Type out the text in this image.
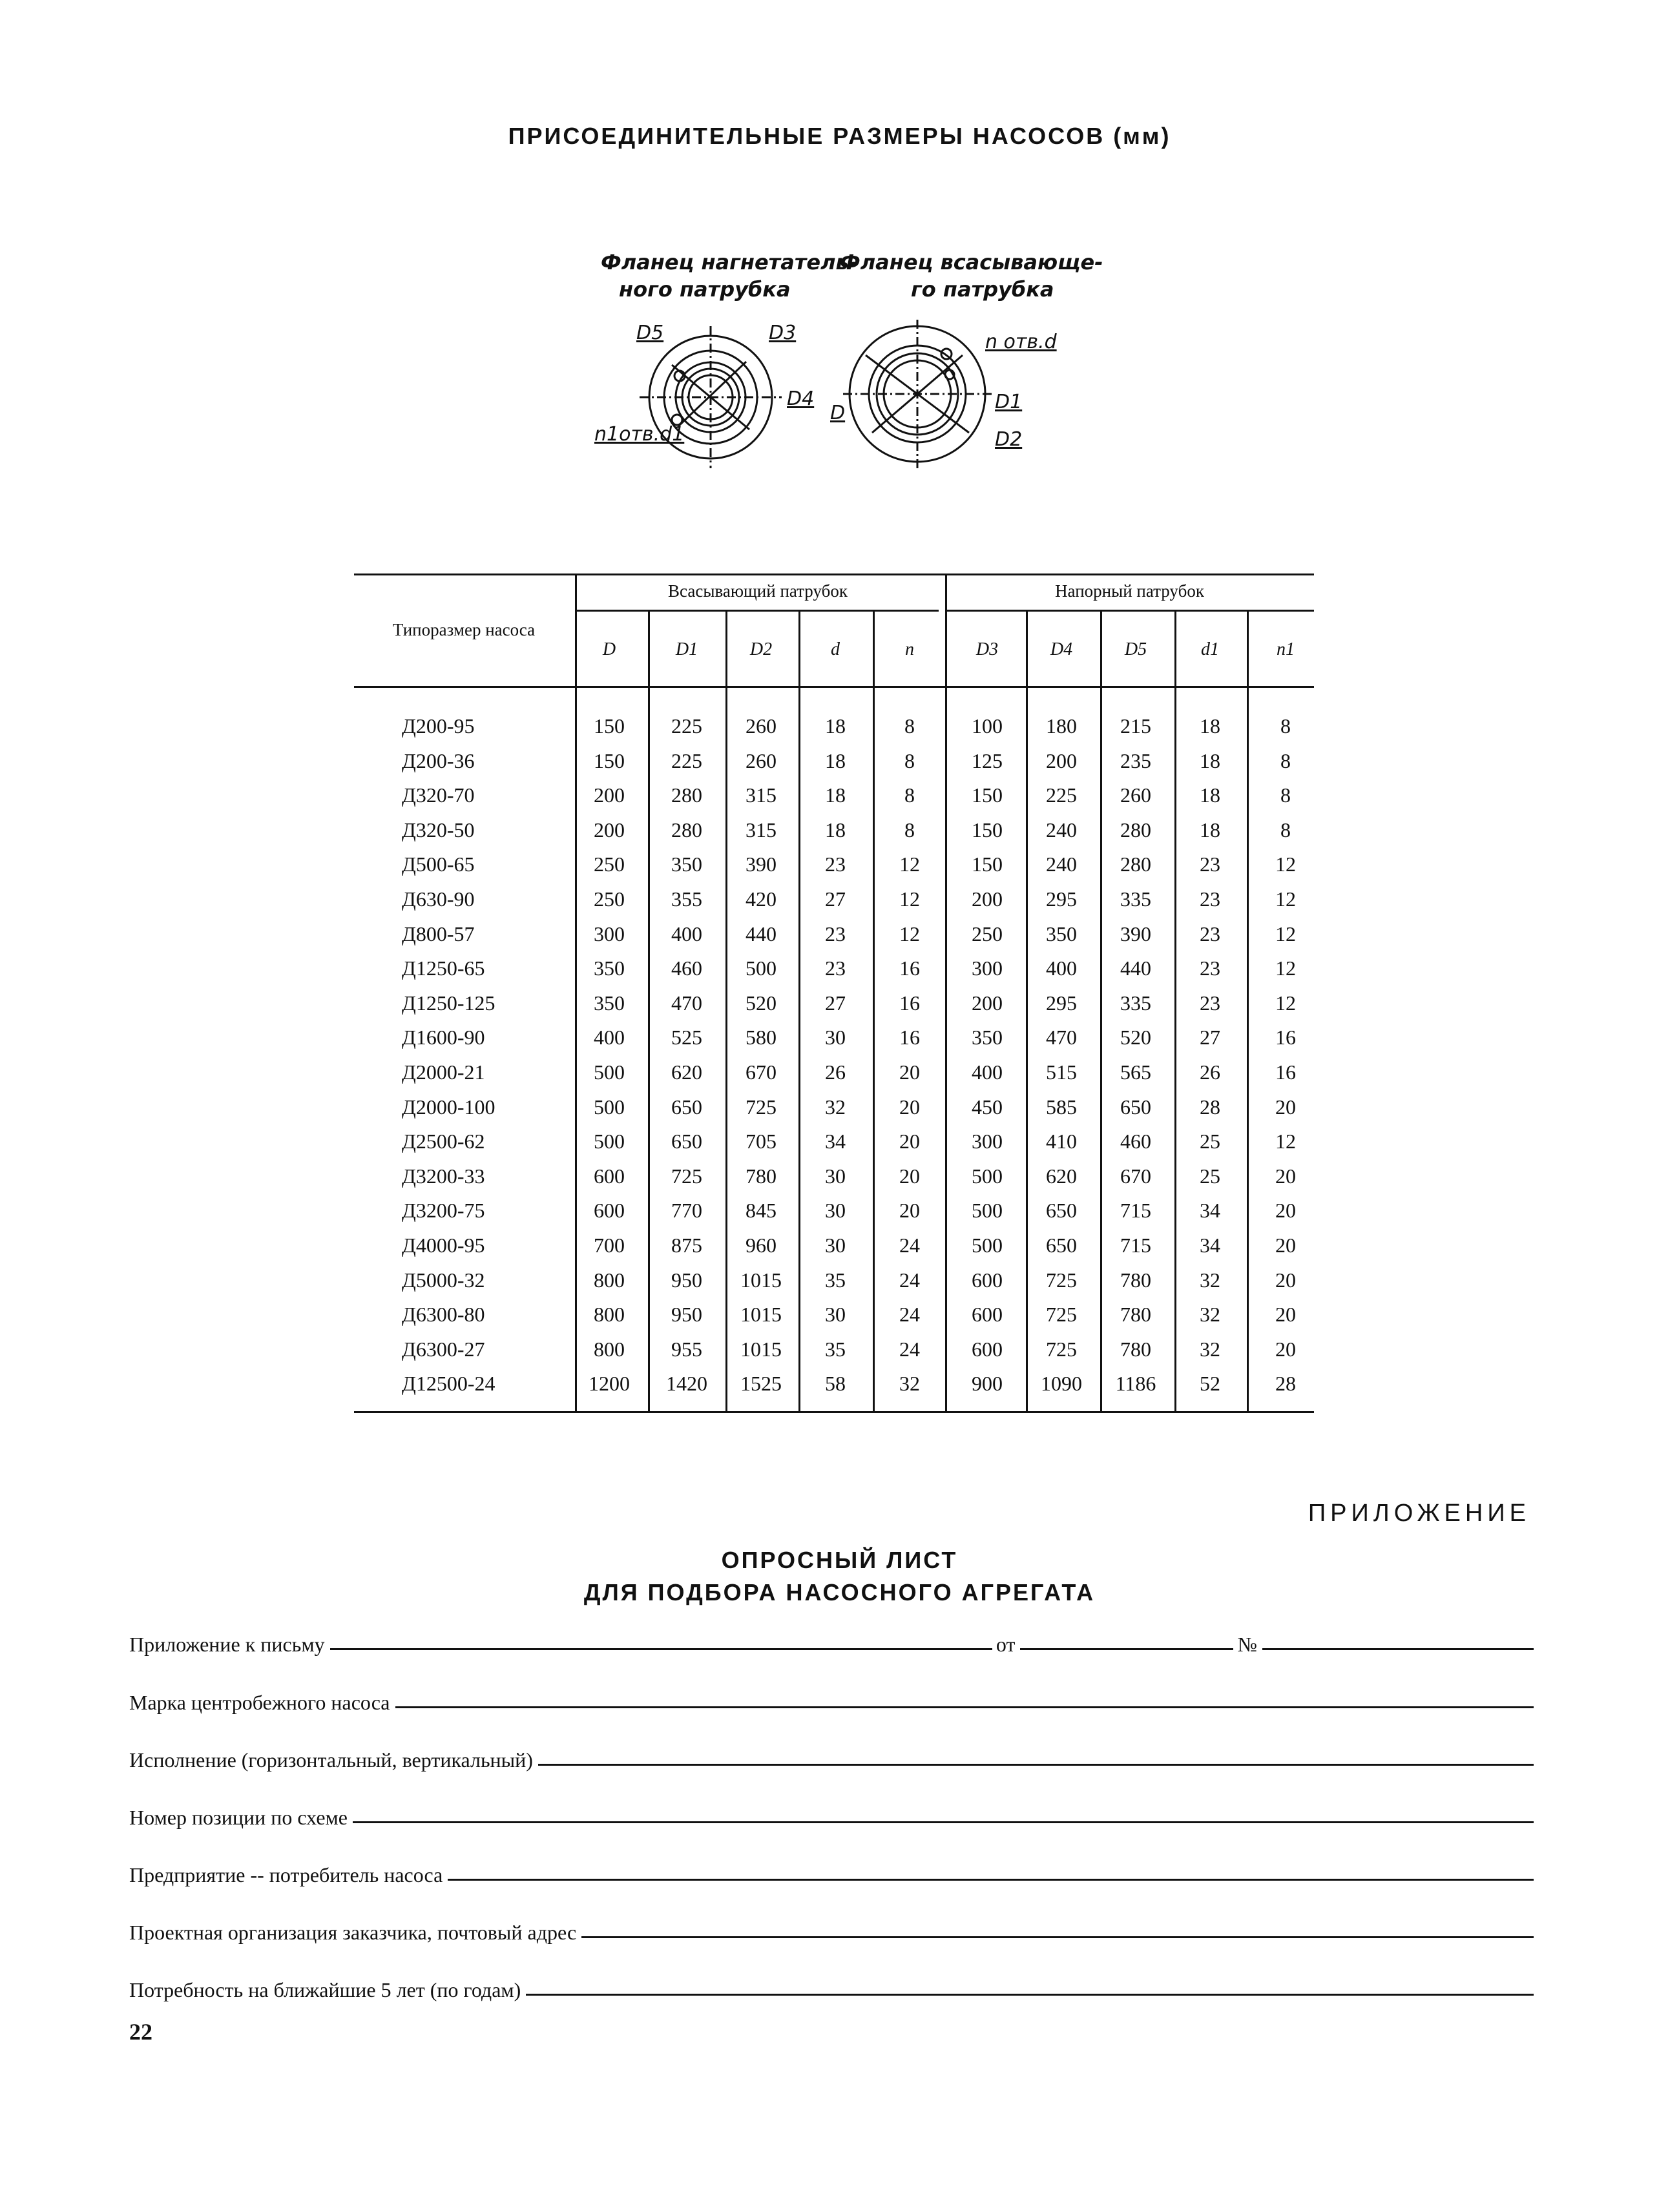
ПРИСОЕДИНИТЕЛЬНЫЕ РАЗМЕРЫ НАСОСОВ (мм)
Фланец нагнетатель-
ного патрубка
Фланец всасывающе-
го патрубка
D5	D3
D4
n1отв.d1
n отв.d
D	D1
D2
Типоразмер насоса
Всасывающий патрубок	Напорный патрубок
D	D1	D2	d	n	D3	D4	D5	d1	n1
Д200-95	150	225	260	18	8	100	180	215	18	8
Д200-36	150	225	260	18	8	125	200	235	18	8
Д320-70	200	280	315	18	8	150	225	260	18	8
Д320-50	200	280	315	18	8	150	240	280	18	8
Д500-65	250	350	390	23	12	150	240	280	23	12
Д630-90	250	355	420	27	12	200	295	335	23	12
Д800-57	300	400	440	23	12	250	350	390	23	12
Д1250-65	350	460	500	23	16	300	400	440	23	12
Д1250-125	350	470	520	27	16	200	295	335	23	12
Д1600-90	400	525	580	30	16	350	470	520	27	16
Д2000-21	500	620	670	26	20	400	515	565	26	16
Д2000-100	500	650	725	32	20	450	585	650	28	20
Д2500-62	500	650	705	34	20	300	410	460	25	12
Д3200-33	600	725	780	30	20	500	620	670	25	20
Д3200-75	600	770	845	30	20	500	650	715	34	20
Д4000-95	700	875	960	30	24	500	650	715	34	20
Д5000-32	800	950	1015	35	24	600	725	780	32	20
Д6300-80	800	950	1015	30	24	600	725	780	32	20
Д6300-27	800	955	1015	35	24	600	725	780	32	20
Д12500-24	1200	1420	1525	58	32	900	1090	1186	52	28
ПРИЛОЖЕНИЕ
ОПРОСНЫЙ ЛИСТ
ДЛЯ ПОДБОРА НАСОСНОГО АГРЕГАТА
Приложение к письму	от	№
Марка центробежного насоса
Исполнение (горизонтальный, вертикальный)
Номер позиции по схеме
Предприятие -- потребитель насоса
Проектная организация заказчика, почтовый адрес
Потребность на ближайшие 5 лет (по годам)
22
